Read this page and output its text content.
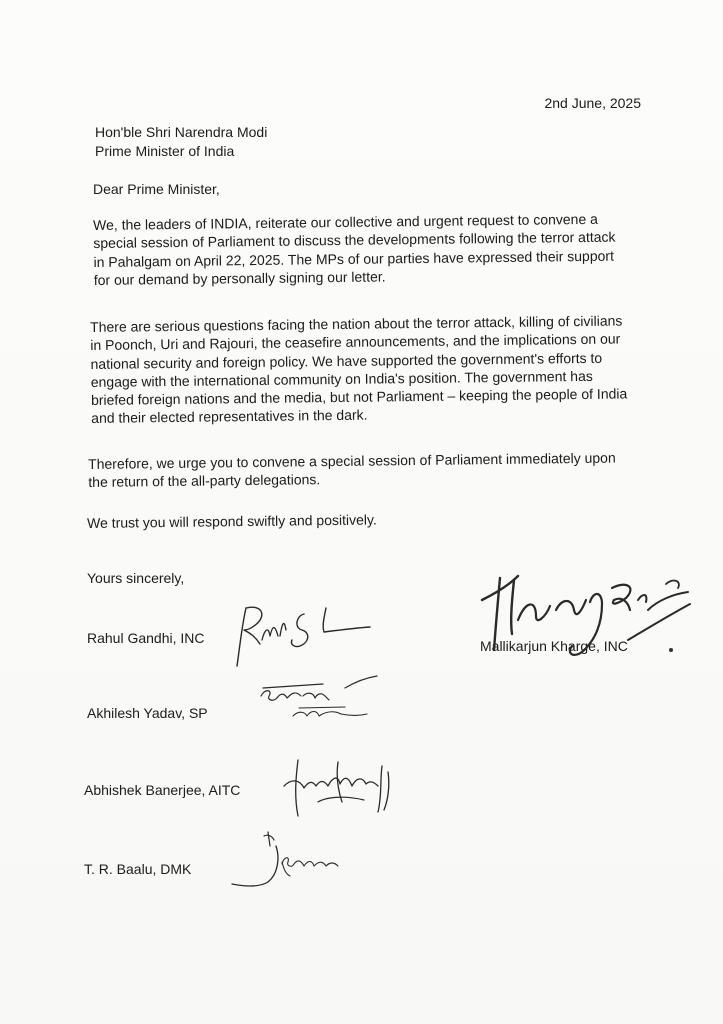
2nd June, 2025
Hon'ble Shri Narendra Modi
Prime Minister of India
Dear Prime Minister,
We, the leaders of INDIA, reiterate our collective and urgent request to convene a
special session of Parliament to discuss the developments following the terror attack
in Pahalgam on April 22, 2025. The MPs of our parties have expressed their support
for our demand by personally signing our letter.
There are serious questions facing the nation about the terror attack, killing of civilians
in Poonch, Uri and Rajouri, the ceasefire announcements, and the implications on our
national security and foreign policy. We have supported the government's efforts to
engage with the international community on India's position. The government has
briefed foreign nations and the media, but not Parliament – keeping the people of India
and their elected representatives in the dark.
Therefore, we urge you to convene a special session of Parliament immediately upon
the return of the all-party delegations.
We trust you will respond swiftly and positively.
Yours sincerely,
Rahul Gandhi, INC
Akhilesh Yadav, SP
Abhishek Banerjee, AITC
T. R. Baalu, DMK
Mallikarjun Kharge, INC
